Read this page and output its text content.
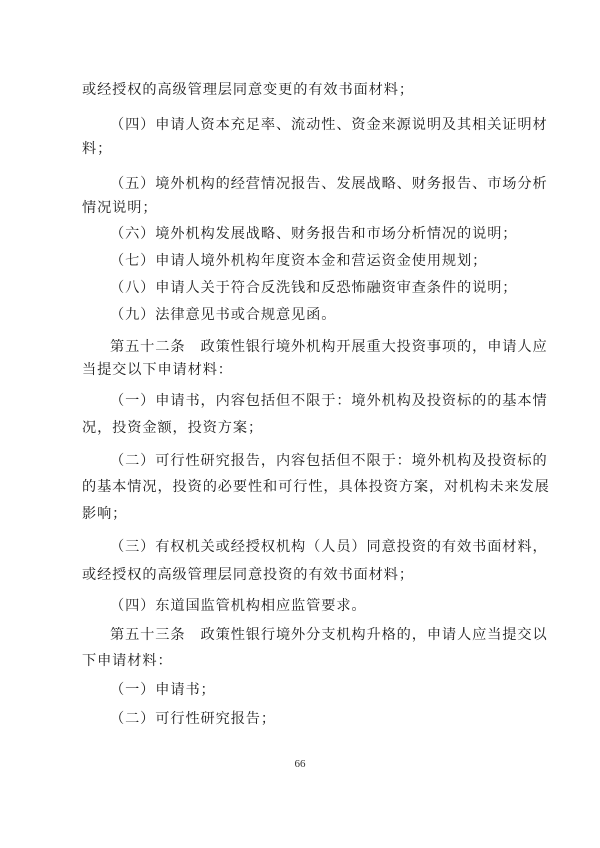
或经授权的高级管理层同意变更的有效书面材料；
（四）申请人资本充足率、流动性、资金来源说明及其相关证明材
料；
（五）境外机构的经营情况报告、发展战略、财务报告、市场分析
情况说明；
（六）境外机构发展战略、财务报告和市场分析情况的说明；
（七）申请人境外机构年度资本金和营运资金使用规划；
（八）申请人关于符合反洗钱和反恐怖融资审查条件的说明；
（九）法律意见书或合规意见函。
第五十二条　政策性银行境外机构开展重大投资事项的，申请人应
当提交以下申请材料：
（一）申请书，内容包括但不限于：境外机构及投资标的的基本情
况，投资金额，投资方案；
（二）可行性研究报告，内容包括但不限于：境外机构及投资标的
的基本情况，投资的必要性和可行性，具体投资方案，对机构未来发展
影响；
（三）有权机关或经授权机构（人员）同意投资的有效书面材料，
或经授权的高级管理层同意投资的有效书面材料；
（四）东道国监管机构相应监管要求。
第五十三条　政策性银行境外分支机构升格的，申请人应当提交以
下申请材料：
（一）申请书；
（二）可行性研究报告；
66
